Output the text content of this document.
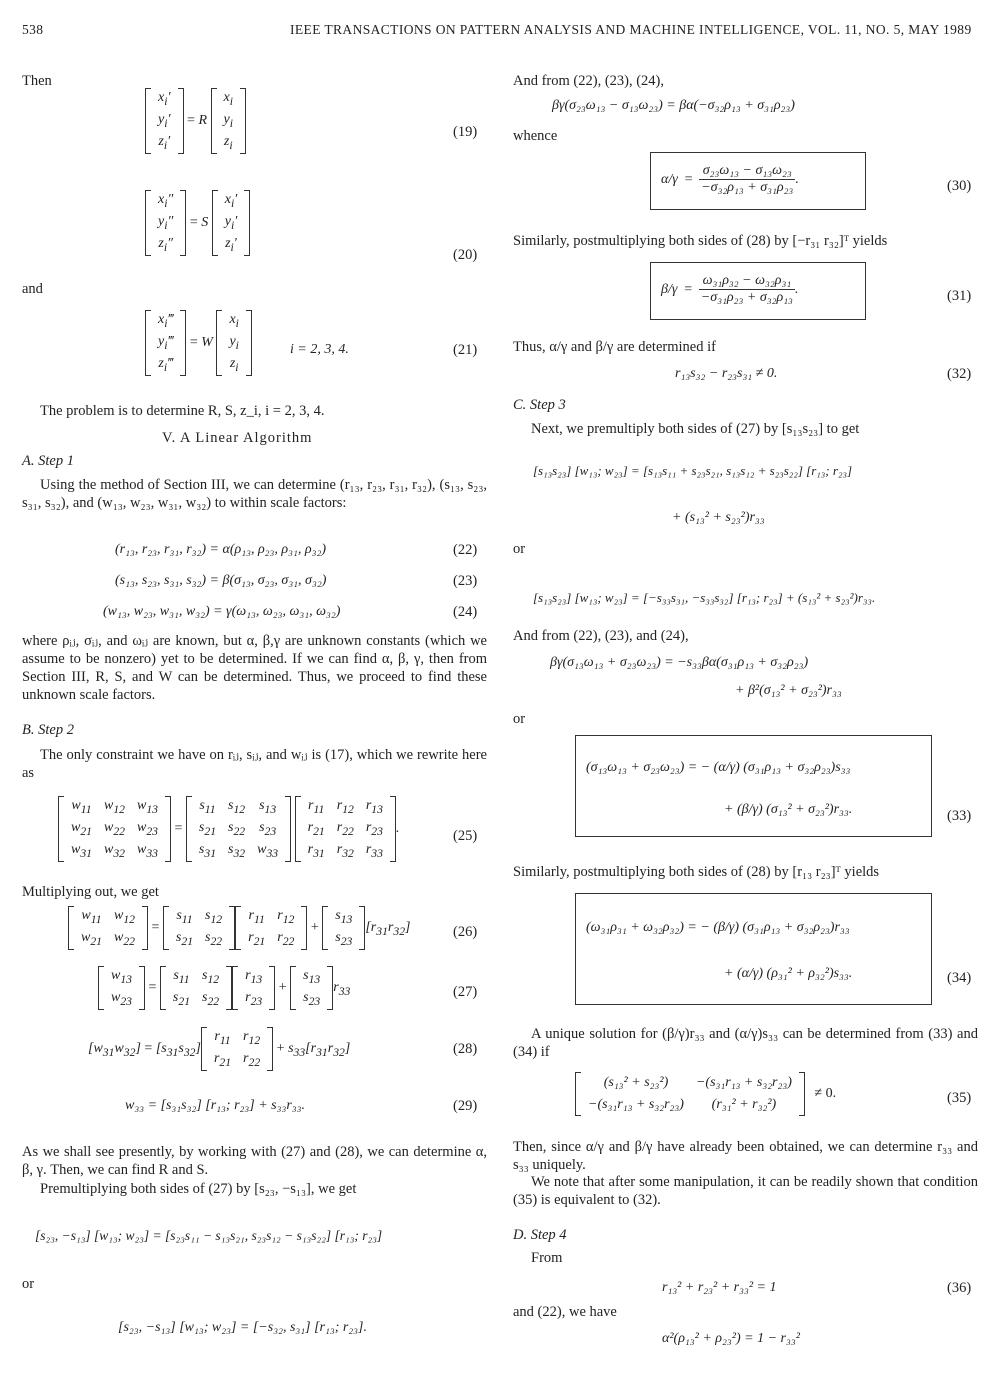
538	IEEE TRANSACTIONS ON PATTERN ANALYSIS AND MACHINE INTELLIGENCE, VOL. 11, NO. 5, MAY 1989
Then
$x_i'$
$y_i'$
$z_i'$
= R
$x_i$
$y_i$
$z_i$
(19)
$x_i''$
$y_i''$
$z_i''$
= S
$x_i'$
$y_i'$
$z_i'$
(20)
and
$x_i‴$
$y_i‴$
$z_i‴$
= W
$x_i$
$y_i$
$z_i$
i = 2, 3, 4.	(21)
The problem is to determine R, S, z_i, i = 2, 3, 4.
V. A Linear Algorithm
A. Step 1
Using the method of Section III, we can determine (r₁₃, r₂₃, r₃₁, r₃₂), (s₁₃, s₂₃, s₃₁, s₃₂), and (w₁₃, w₂₃, w₃₁, w₃₂) to within scale factors:
(r₁₃, r₂₃, r₃₁, r₃₂) = α(ρ₁₃, ρ₂₃, ρ₃₁, ρ₃₂)	(22)
(s₁₃, s₂₃, s₃₁, s₃₂) = β(σ₁₃, σ₂₃, σ₃₁, σ₃₂)	(23)
(w₁₃, w₂₃, w₃₁, w₃₂) = γ(ω₁₃, ω₂₃, ω₃₁, ω₃₂)	(24)
where ρᵢⱼ, σᵢⱼ, and ωᵢⱼ are known, but α, β,γ are unknown constants (which we assume to be nonzero) yet to be determined. If we can find α, β, γ, then from Section III, R, S, and W can be determined. Thus, we proceed to find these unknown scale factors.
B. Step 2
The only constraint we have on rᵢⱼ, sᵢⱼ, and wᵢⱼ is (17), which we rewrite here as
$w_{11}$	$w_{12}$	$w_{13}$
$w_{21}$	$w_{22}$	$w_{23}$
$w_{31}$	$w_{32}$	$w_{33}$
=
$s_{11}$	$s_{12}$	$s_{13}$
$s_{21}$	$s_{22}$	$s_{23}$
$s_{31}$	$s_{32}$	$w_{33}$

$r_{11}$	$r_{12}$	$r_{13}$
$r_{21}$	$r_{22}$	$r_{23}$
$r_{31}$	$r_{32}$	$r_{33}$
.	(25)
Multiplying out, we get
$w_{11}$	$w_{12}$
$w_{21}$	$w_{22}$
=
$s_{11}$	$s_{12}$
$s_{21}$	$s_{22}$
$r_{11}$	$r_{12}$
$r_{21}$	$r_{22}$
+
$s_{13}$
$s_{23}$
$[r_{31}r_{32}]$	(26)
$w_{13}$
$w_{23}$
=
$s_{11}$	$s_{12}$
$s_{21}$	$s_{22}$
$r_{13}$
$r_{23}$
+
$s_{13}$
$s_{23}$
$r_{33}$	(27)
$[w_{31}w_{32}] = [s_{31}s_{32}]$
$r_{11}$	$r_{12}$
$r_{21}$	$r_{22}$
+ $s_{33}[r_{31}r_{32}]$	(28)
w₃₃ = [s₃₁s₃₂] [r₁₃; r₂₃] + s₃₃r₃₃.	(29)
As we shall see presently, by working with (27) and (28), we can determine α, β, γ. Then, we can find R and S.
Premultiplying both sides of (27) by [s₂₃, −s₁₃], we get
[s₂₃, −s₁₃] [w₁₃; w₂₃] = [s₂₃s₁₁ − s₁₃s₂₁, s₂₃s₁₂ − s₁₃s₂₂] [r₁₃; r₂₃]
or
[s₂₃, −s₁₃] [w₁₃; w₂₃] = [−s₃₂, s₃₁] [r₁₃; r₂₃].
And from (22), (23), (24),
βγ(σ₂₃ω₁₃ − σ₁₃ω₂₃) = βα(−σ₃₂ρ₁₃ + σ₃₁ρ₂₃)
whence
$\alpha/\gamma = \frac{\text{σ₂₃ω₁₃ − σ₁₃ω₂₃}}{\text{−σ₃₂ρ₁₃ + σ₃₁ρ₂₃}}$ .	(30)
Similarly, postmultiplying both sides of (28) by [−r₃₁ r₃₂]ᵀ yields
$\beta/\gamma = \frac{\text{ω₃₁ρ₃₂ − ω₃₂ρ₃₁}}{\text{−σ₃₁ρ₂₃ + σ₃₂ρ₁₃}}$ .	(31)
Thus, α/γ and β/γ are determined if
r₁₃s₃₂ − r₂₃s₃₁ ≠ 0.	(32)
C. Step 3
Next, we premultiply both sides of (27) by [s₁₃s₂₃] to get
[s₁₃s₂₃] [w₁₃; w₂₃] = [s₁₃s₁₁ + s₂₃s₂₁, s₁₃s₁₂ + s₂₃s₂₂] [r₁₃; r₂₃]
+ (s₁₃² + s₂₃²)r₃₃
or
[s₁₃s₂₃] [w₁₃; w₂₃] = [−s₃₃s₃₁, −s₃₃s₃₂] [r₁₃; r₂₃] + (s₁₃² + s₂₃²)r₃₃.
And from (22), (23), and (24),
βγ(σ₁₃ω₁₃ + σ₂₃ω₂₃) = −s₃₃βα(σ₃₁ρ₁₃ + σ₃₂ρ₂₃)
+ β²(σ₁₃² + σ₂₃²)r₃₃
or
(σ₁₃ω₁₃ + σ₂₃ω₂₃) = − (α/γ) (σ₃₁ρ₁₃ + σ₃₂ρ₂₃)s₃₃
+ (β/γ) (σ₁₃² + σ₂₃²)r₃₃.	(33)
Similarly, postmultiplying both sides of (28) by [r₁₃ r₂₃]ᵀ yields
(ω₃₁ρ₃₁ + ω₃₂ρ₃₂) = − (β/γ) (σ₃₁ρ₁₃ + σ₃₂ρ₂₃)r₃₃
+ (α/γ) (ρ₃₁² + ρ₃₂²)s₃₃.	(34)
A unique solution for (β/γ)r₃₃ and (α/γ)s₃₃ can be determined from (33) and (34) if
(s₁₃² + s₂₃²)	−(s₃₁r₁₃ + s₃₂r₂₃)
−(s₃₁r₁₃ + s₃₂r₂₃)	(r₃₁² + r₃₂²)
≠ 0.	(35)
Then, since α/γ and β/γ have already been obtained, we can determine r₃₃ and s₃₃ uniquely.
We note that after some manipulation, it can be readily shown that condition (35) is equivalent to (32).
D. Step 4
From
r₁₃² + r₂₃² + r₃₃² = 1	(36)
and (22), we have
α²(ρ₁₃² + ρ₂₃²) = 1 − r₃₃²
